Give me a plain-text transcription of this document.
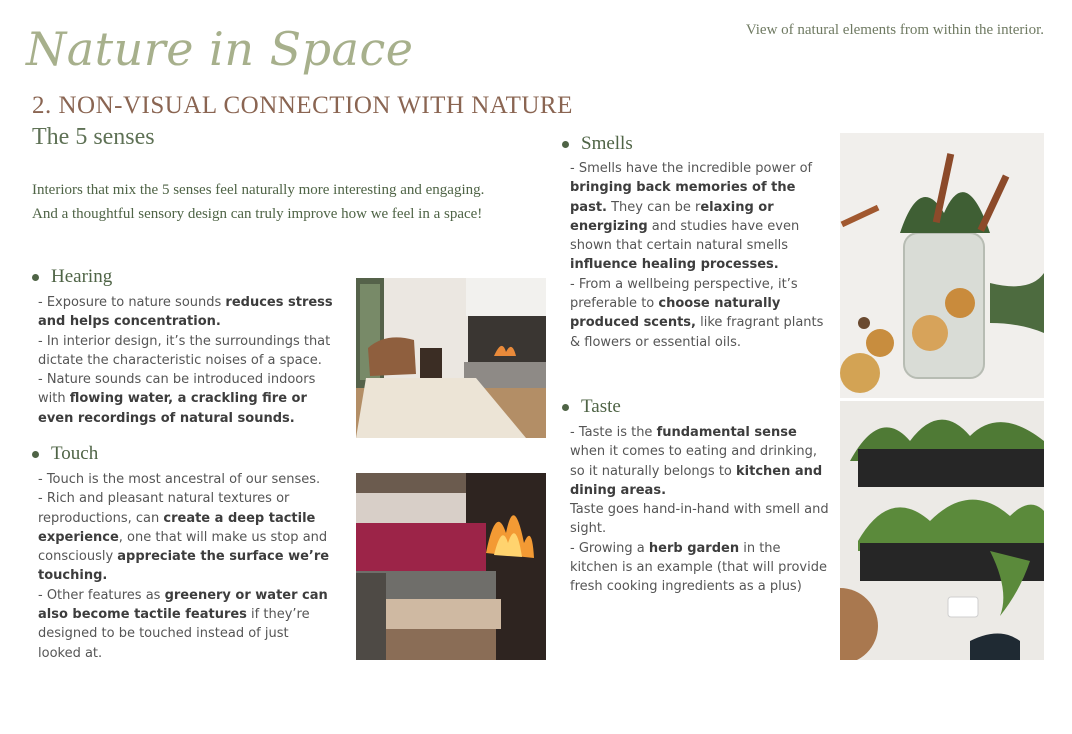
Nature in Space	View of natural elements from within the interior.
2. NON-VISUAL CONNECTION WITH NATURE
The 5 senses
Interiors that mix the 5 senses feel naturally more interesting and engaging.
And a thoughtful sensory design can truly improve how we feel in a space!
Hearing
- Exposure to nature sounds reduces stress and helps concentration.
- In interior design, it’s the surroundings that dictate the characteristic noises of a space.
- Nature sounds can be introduced indoors with flowing water, a crackling fire or even recordings of natural sounds.
Touch
- Touch is the most ancestral of our senses.
- Rich and pleasant natural textures or reproductions, can create a deep tactile experience, one that will make us stop and consciously appreciate the surface we’re touching.
- Other features as greenery or water can also become tactile features if they’re designed to be touched instead of just looked at.
Smells
- Smells have the incredible power of bringing back memories of the past. They can be relaxing or energizing and studies have even shown that certain natural smells influence healing processes.
- From a wellbeing perspective, it’s preferable to choose naturally produced scents, like fragrant plants & flowers or essential oils.
Taste
- Taste is the fundamental sense when it comes to eating and drinking, so it naturally belongs to kitchen and dining areas.
Taste goes hand-in-hand with smell and sight.
- Growing a herb garden in the kitchen is an example (that will provide fresh cooking ingredients as a plus)
